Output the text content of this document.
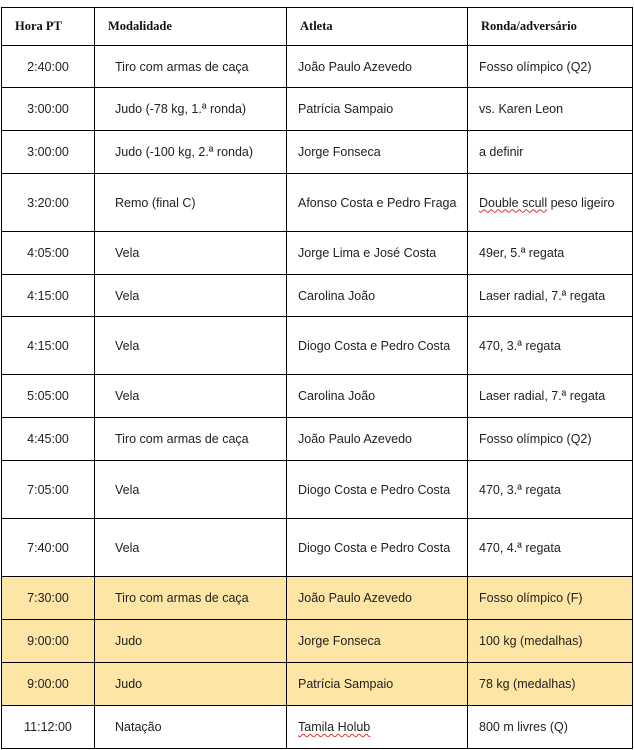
Hora PT	Modalidade	Atleta	Ronda/adversário
2:40:00	Tiro com armas de caça	João Paulo Azevedo	Fosso olímpico (Q2)
3:00:00	Judo (-78 kg, 1.ª ronda)	Patrícia Sampaio	vs. Karen Leon
3:00:00	Judo (-100 kg, 2.ª ronda)	Jorge Fonseca	a definir
3:20:00	Remo (final C)	Afonso Costa e Pedro Fraga	Double scull peso ligeiro
4:05:00	Vela	Jorge Lima e José Costa	49er, 5.ª regata
4:15:00	Vela	Carolina João	Laser radial, 7.ª regata
4:15:00	Vela	Diogo Costa e Pedro Costa	470, 3.ª regata
5:05:00	Vela	Carolina João	Laser radial, 7.ª regata
4:45:00	Tiro com armas de caça	João Paulo Azevedo	Fosso olímpico (Q2)
7:05:00	Vela	Diogo Costa e Pedro Costa	470, 3.ª regata
7:40:00	Vela	Diogo Costa e Pedro Costa	470, 4.ª regata
7:30:00	Tiro com armas de caça	João Paulo Azevedo	Fosso olímpico (F)
9:00:00	Judo	Jorge Fonseca	100 kg (medalhas)
9:00:00	Judo	Patrícia Sampaio	78 kg (medalhas)
11:12:00	Natação	Tamila Holub	800 m livres (Q)
